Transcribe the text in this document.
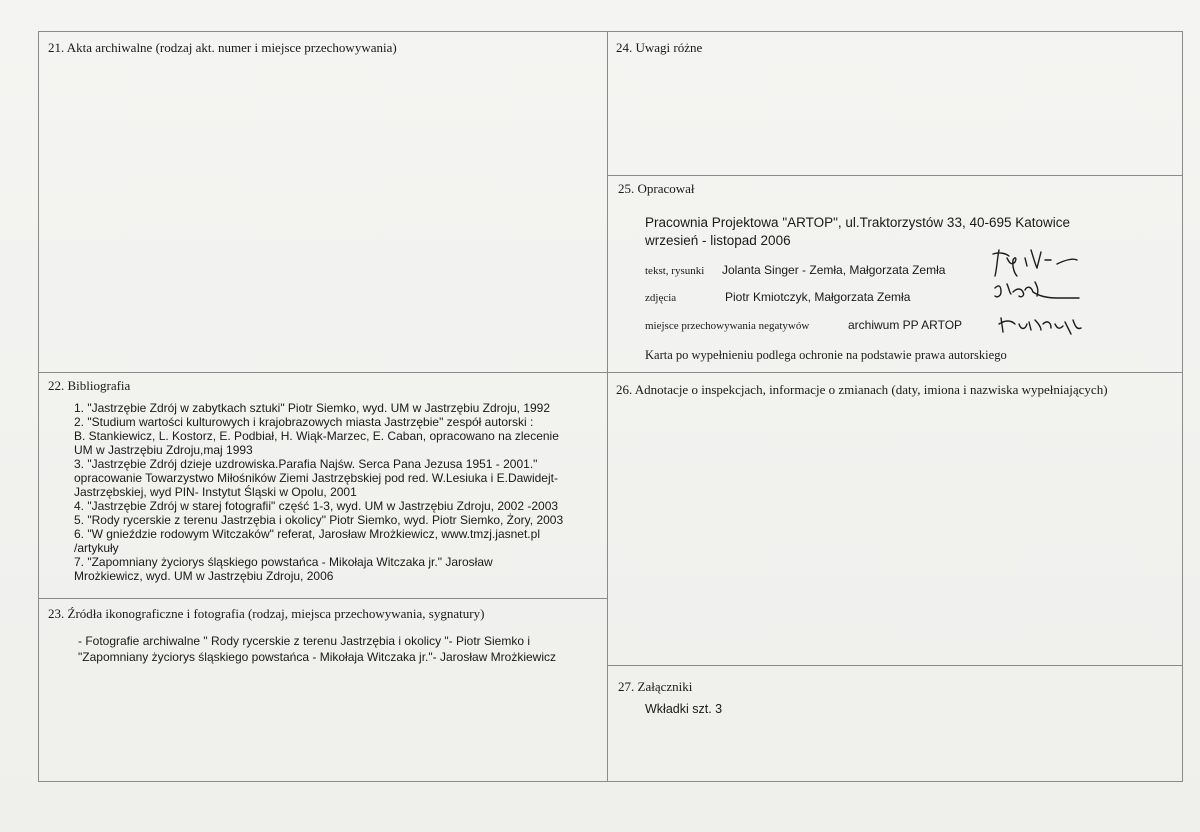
21. Akta archiwalne (rodzaj akt. numer i miejsce przechowywania)	24. Uwagi różne
25. Opracował
Pracownia Projektowa "ARTOP", ul.Traktorzystów 33, 40-695 Katowice
wrzesień - listopad 2006
tekst, rysunki Jolanta Singer - Zemła, Małgorzata Zemła
zdjęcia	Piotr Kmiotczyk, Małgorzata Zemła
miejsce przechowywania negatywów	archiwum PP ARTOP
Karta po wypełnieniu podlega ochronie na podstawie prawa autorskiego
22. Bibliografia
1. "Jastrzębie Zdrój w zabytkach sztuki" Piotr Siemko, wyd. UM w Jastrzębiu Zdroju, 1992
2. "Studium wartości kulturowych i krajobrazowych miasta Jastrzębie" zespół autorski :
B. Stankiewicz, L. Kostorz, E. Podbiał, H. Wiąk-Marzec, E. Caban, opracowano na zlecenie
UM w Jastrzębiu Zdroju,maj 1993
3. "Jastrzębie Zdrój dzieje uzdrowiska.Parafia Najśw. Serca Pana Jezusa 1951 - 2001."
opracowanie Towarzystwo Miłośników Ziemi Jastrzębskiej pod red. W.Lesiuka i E.Dawidejt-
Jastrzębskiej, wyd PIN- Instytut Śląski w Opolu, 2001
4. "Jastrzębie Zdrój w starej fotografii" część 1-3, wyd. UM w Jastrzębiu Zdroju, 2002 -2003
5. "Rody rycerskie z terenu Jastrzębia i okolicy" Piotr Siemko, wyd. Piotr Siemko, Żory, 2003
6. "W gnieździe rodowym Witczaków" referat, Jarosław Mrożkiewicz, www.tmzj.jasnet.pl
/artykuły
7. "Zapomniany życiorys śląskiego powstańca - Mikołaja Witczaka jr." Jarosław
Mrożkiewicz, wyd. UM w Jastrzębiu Zdroju, 2006
26. Adnotacje o inspekcjach, informacje o zmianach (daty, imiona i nazwiska wypełniających)
23. Źródła ikonograficzne i fotografia (rodzaj, miejsca przechowywania, sygnatury)
- Fotografie archiwalne " Rody rycerskie z terenu Jastrzębia i okolicy "- Piotr Siemko i
"Zapomniany życiorys śląskiego powstańca - Mikołaja Witczaka jr."- Jarosław Mrożkiewicz
27. Załączniki
Wkładki szt. 3
